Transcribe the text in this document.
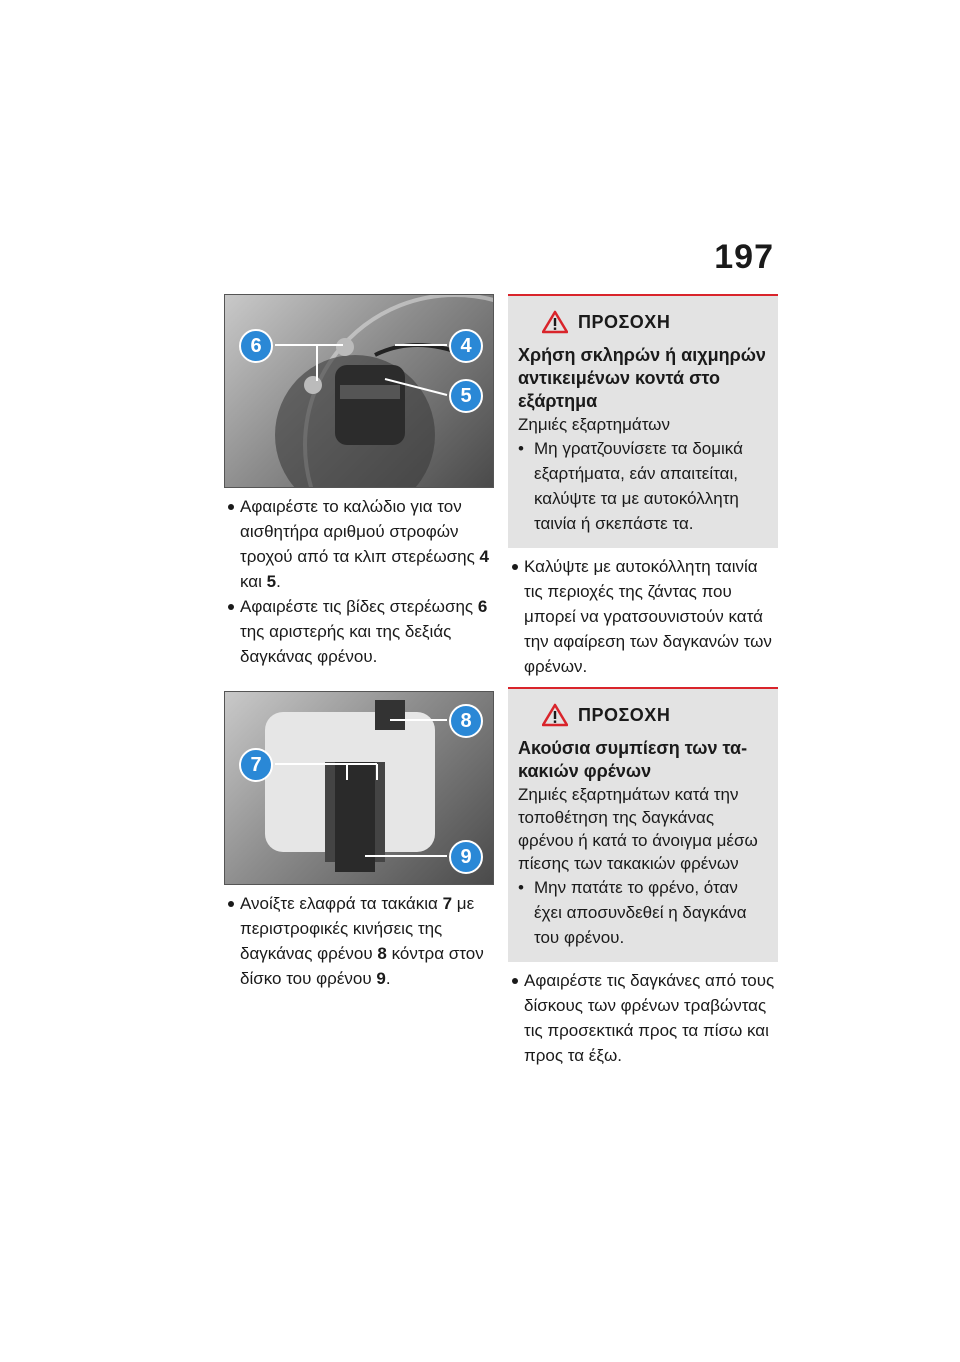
197
6	4
5
Αφαιρέστε το καλώδιο για τον αισθητήρα αριθμού στροφών τροχού από τα κλιπ στερέωσης 4 και 5.
Αφαιρέστε τις βίδες στερέωσης 6 της αριστερής και της δεξιάς δαγκάνας φρένου.
8
7
9
Ανοίξτε ελαφρά τα τακάκια 7 με περιστροφικές κινήσεις της δαγκάνας φρένου 8 κόντρα στον δίσκο του φρένου 9.
ΠΡΟΣΟΧΗ
Χρήση σκληρών ή αιχμηρών αντικειμένων κοντά στο εξάρτημα
Ζημιές εξαρτημάτων
• Μη γρατζουνίσετε τα δομικά εξαρτήματα, εάν απαιτείται, καλύψτε τα με αυτοκόλλητη ταινία ή σκεπάστε τα.
Καλύψτε με αυτοκόλλητη ταινία τις περιοχές της ζάντας που μπορεί να γρατσουνιστούν κατά την αφαίρεση των δαγκανών των φρένων.
ΠΡΟΣΟΧΗ
Ακούσια συμπίεση των τακακιών φρένων
Ζημιές εξαρτημάτων κατά την τοποθέτηση της δαγκάνας φρένου ή κατά το άνοιγμα μέσω πίεσης των τακακιών φρένων
• Μην πατάτε το φρένο, όταν έχει αποσυνδεθεί η δαγκάνα του φρένου.
Αφαιρέστε τις δαγκάνες από τους δίσκους των φρένων τραβώντας τις προσεκτικά προς τα πίσω και προς τα έξω.
